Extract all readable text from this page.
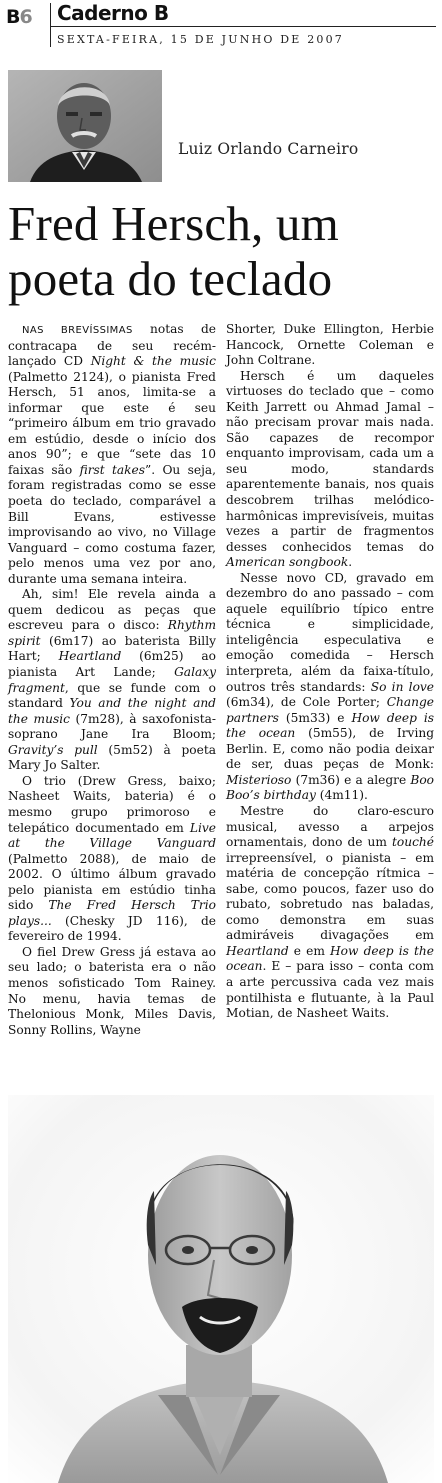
B6 Caderno B
SEXTA-FEIRA, 15 DE JUNHO DE 2007
Luiz Orlando Carneiro
Fred Hersch, um poeta do teclado

NAS BREVÍSSIMAS notas de contracapa de seu recém-lançado CD Night & the music (Palmetto 2124), o pianista Fred Hersch, 51 anos, limita-se a informar que este é seu “primeiro álbum em trio gravado em estúdio, desde o início dos anos 90”; e que “sete das 10 faixas são first takes”. Ou seja, foram registradas como se esse poeta do teclado, comparável a Bill Evans, estivesse improvisando ao vivo, no Village Vanguard – como costuma fazer, pelo menos uma vez por ano, durante uma semana inteira.

Ah, sim! Ele revela ainda a quem dedicou as peças que escreveu para o disco: Rhythm spirit (6m17) ao baterista Billy Hart; Heartland (6m25) ao pianista Art Lande; Galaxy fragment, que se funde com o standard You and the night and the music (7m28), à saxofonista-soprano Jane Ira Bloom; Gravity’s pull (5m52) à poeta Mary Jo Salter.

O trio (Drew Gress, baixo; Nasheet Waits, bateria) é o mesmo grupo primoroso e telepático documentado em Live at the Village Vanguard (Palmetto 2088), de maio de 2002. O último álbum gravado pelo pianista em estúdio tinha sido The Fred Hersch Trio plays... (Chesky JD 116), de fevereiro de 1994.

O fiel Drew Gress já estava ao seu lado; o baterista era o não menos sofisticado Tom Rainey. No menu, havia temas de Thelonious Monk, Miles Davis, Sonny Rollins, Wayne

Shorter, Duke Ellington, Herbie Hancock, Ornette Coleman e John Coltrane.

Hersch é um daqueles virtuoses do teclado que – como Keith Jarrett ou Ahmad Jamal – não precisam provar mais nada. São capazes de recompor enquanto improvisam, cada um a seu modo, standards aparentemente banais, nos quais descobrem trilhas melódico-harmônicas imprevisíveis, muitas vezes a partir de fragmentos desses conhecidos temas do American songbook.

Nesse novo CD, gravado em dezembro do ano passado – com aquele equilíbrio típico entre técnica e simplicidade, inteligência especulativa e emoção comedida – Hersch interpreta, além da faixa-título, outros três standards: So in love (6m34), de Cole Porter; Change partners (5m33) e How deep is the ocean (5m55), de Irving Berlin. E, como não podia deixar de ser, duas peças de Monk: Misterioso (7m36) e a alegre Boo Boo’s birthday (4m11).

Mestre do claro-escuro musical, avesso a arpejos ornamentais, dono de um touché irrepreensível, o pianista – em matéria de concepção rítmica – sabe, como poucos, fazer uso do rubato, sobretudo nas baladas, como demonstra em suas admiráveis divagações em Heartland e em How deep is the ocean. E – para isso – conta com a arte percussiva cada vez mais pontilhista e flutuante, à la Paul Motian, de Nasheet Waits.
